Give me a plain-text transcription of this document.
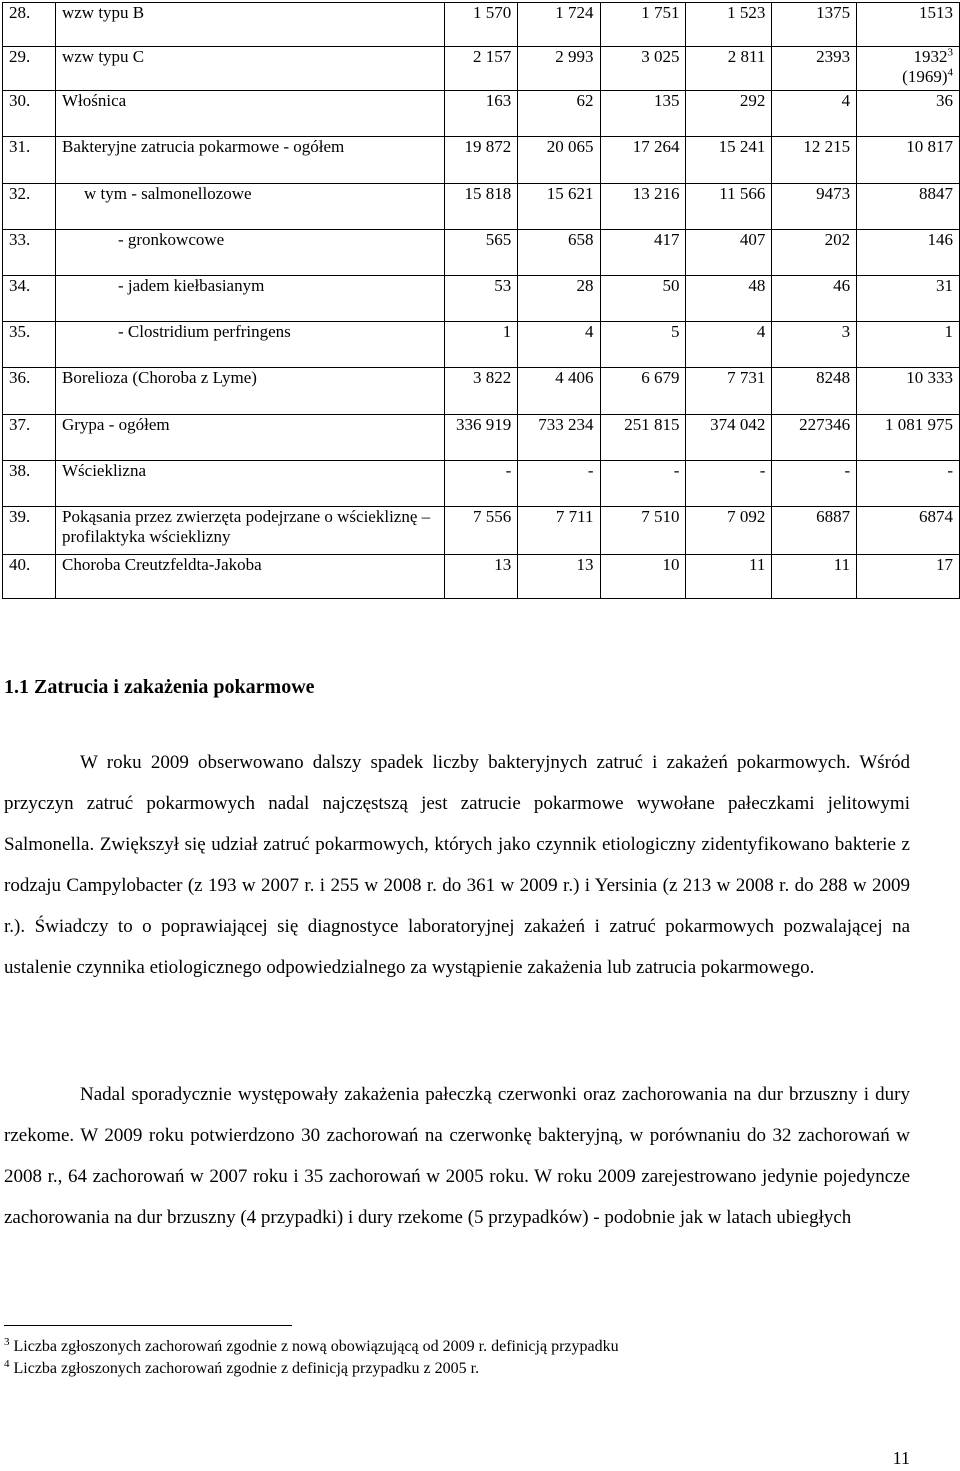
28.	wzw typu B	1 570	1 724	1 751	1 523	1375	1513
29.	wzw typu C	2 157	2 993	3 025	2 811	2393	1932$^3$
$(1969)^4$

30.	Włośnica	163	62	135	292	4	36
31.	Bakteryjne zatrucia pokarmowe - ogółem	19 872	20 065	17 264	15 241	12 215	10 817
32.	w tym - salmonellozowe	15 818	15 621	13 216	11 566	9473	8847
33.	- gronkowcowe	565	658	417	407	202	146
34.	- jadem kiełbasianym	53	28	50	48	46	31
35.	- Clostridium perfringens	1	4	5	4	3	1
36.	Borelioza (Choroba z Lyme)	3 822	4 406	6 679	7 731	8248	10 333
37.	Grypa - ogółem	336 919	733 234	251 815	374 042	227346	1 081 975
38.	Wścieklizna	-	-	-	-	-	-
39.	Pokąsania przez zwierzęta podejrzane o wściekliznę – profilaktyka wścieklizny	7 556	7 711	7 510	7 092	6887	6874
40.	Choroba Creutzfeldta-Jakoba	13	13	10	11	11	17
1.1 Zatrucia i zakażenia pokarmowe

W roku 2009 obserwowano dalszy spadek liczby bakteryjnych zatruć i zakażeń pokarmowych. Wśród przyczyn zatruć pokarmowych nadal najczęstszą jest zatrucie pokarmowe wywołane pałeczkami jelitowymi Salmonella. Zwiększył się udział zatruć pokarmowych, których jako czynnik etiologiczny zidentyfikowano bakterie z rodzaju Campylobacter (z 193 w 2007 r. i 255 w 2008 r. do 361 w 2009 r.) i Yersinia (z 213 w 2008 r. do 288 w 2009 r.). Świadczy to o poprawiającej się diagnostyce laboratoryjnej zakażeń i zatruć pokarmowych pozwalającej na ustalenie czynnika etiologicznego odpowiedzialnego za wystąpienie zakażenia lub zatrucia pokarmowego.

Nadal sporadycznie występowały zakażenia pałeczką czerwonki oraz zachorowania na dur brzuszny i dury rzekome. W 2009 roku potwierdzono 30 zachorowań na czerwonkę bakteryjną, w porównaniu do 32 zachorowań w 2008 r., 64 zachorowań w 2007 roku i 35 zachorowań w 2005 roku. W roku 2009 zarejestrowano jedynie pojedyncze zachorowania na dur brzuszny (4 przypadki) i dury rzekome (5 przypadków) - podobnie jak w latach ubiegłych

$^3$ Liczba zgłoszonych zachorowań zgodnie z nową obowiązującą od 2009 r. definicją przypadku

$^4$ Liczba zgłoszonych zachorowań zgodnie z definicją przypadku z 2005 r.

11
